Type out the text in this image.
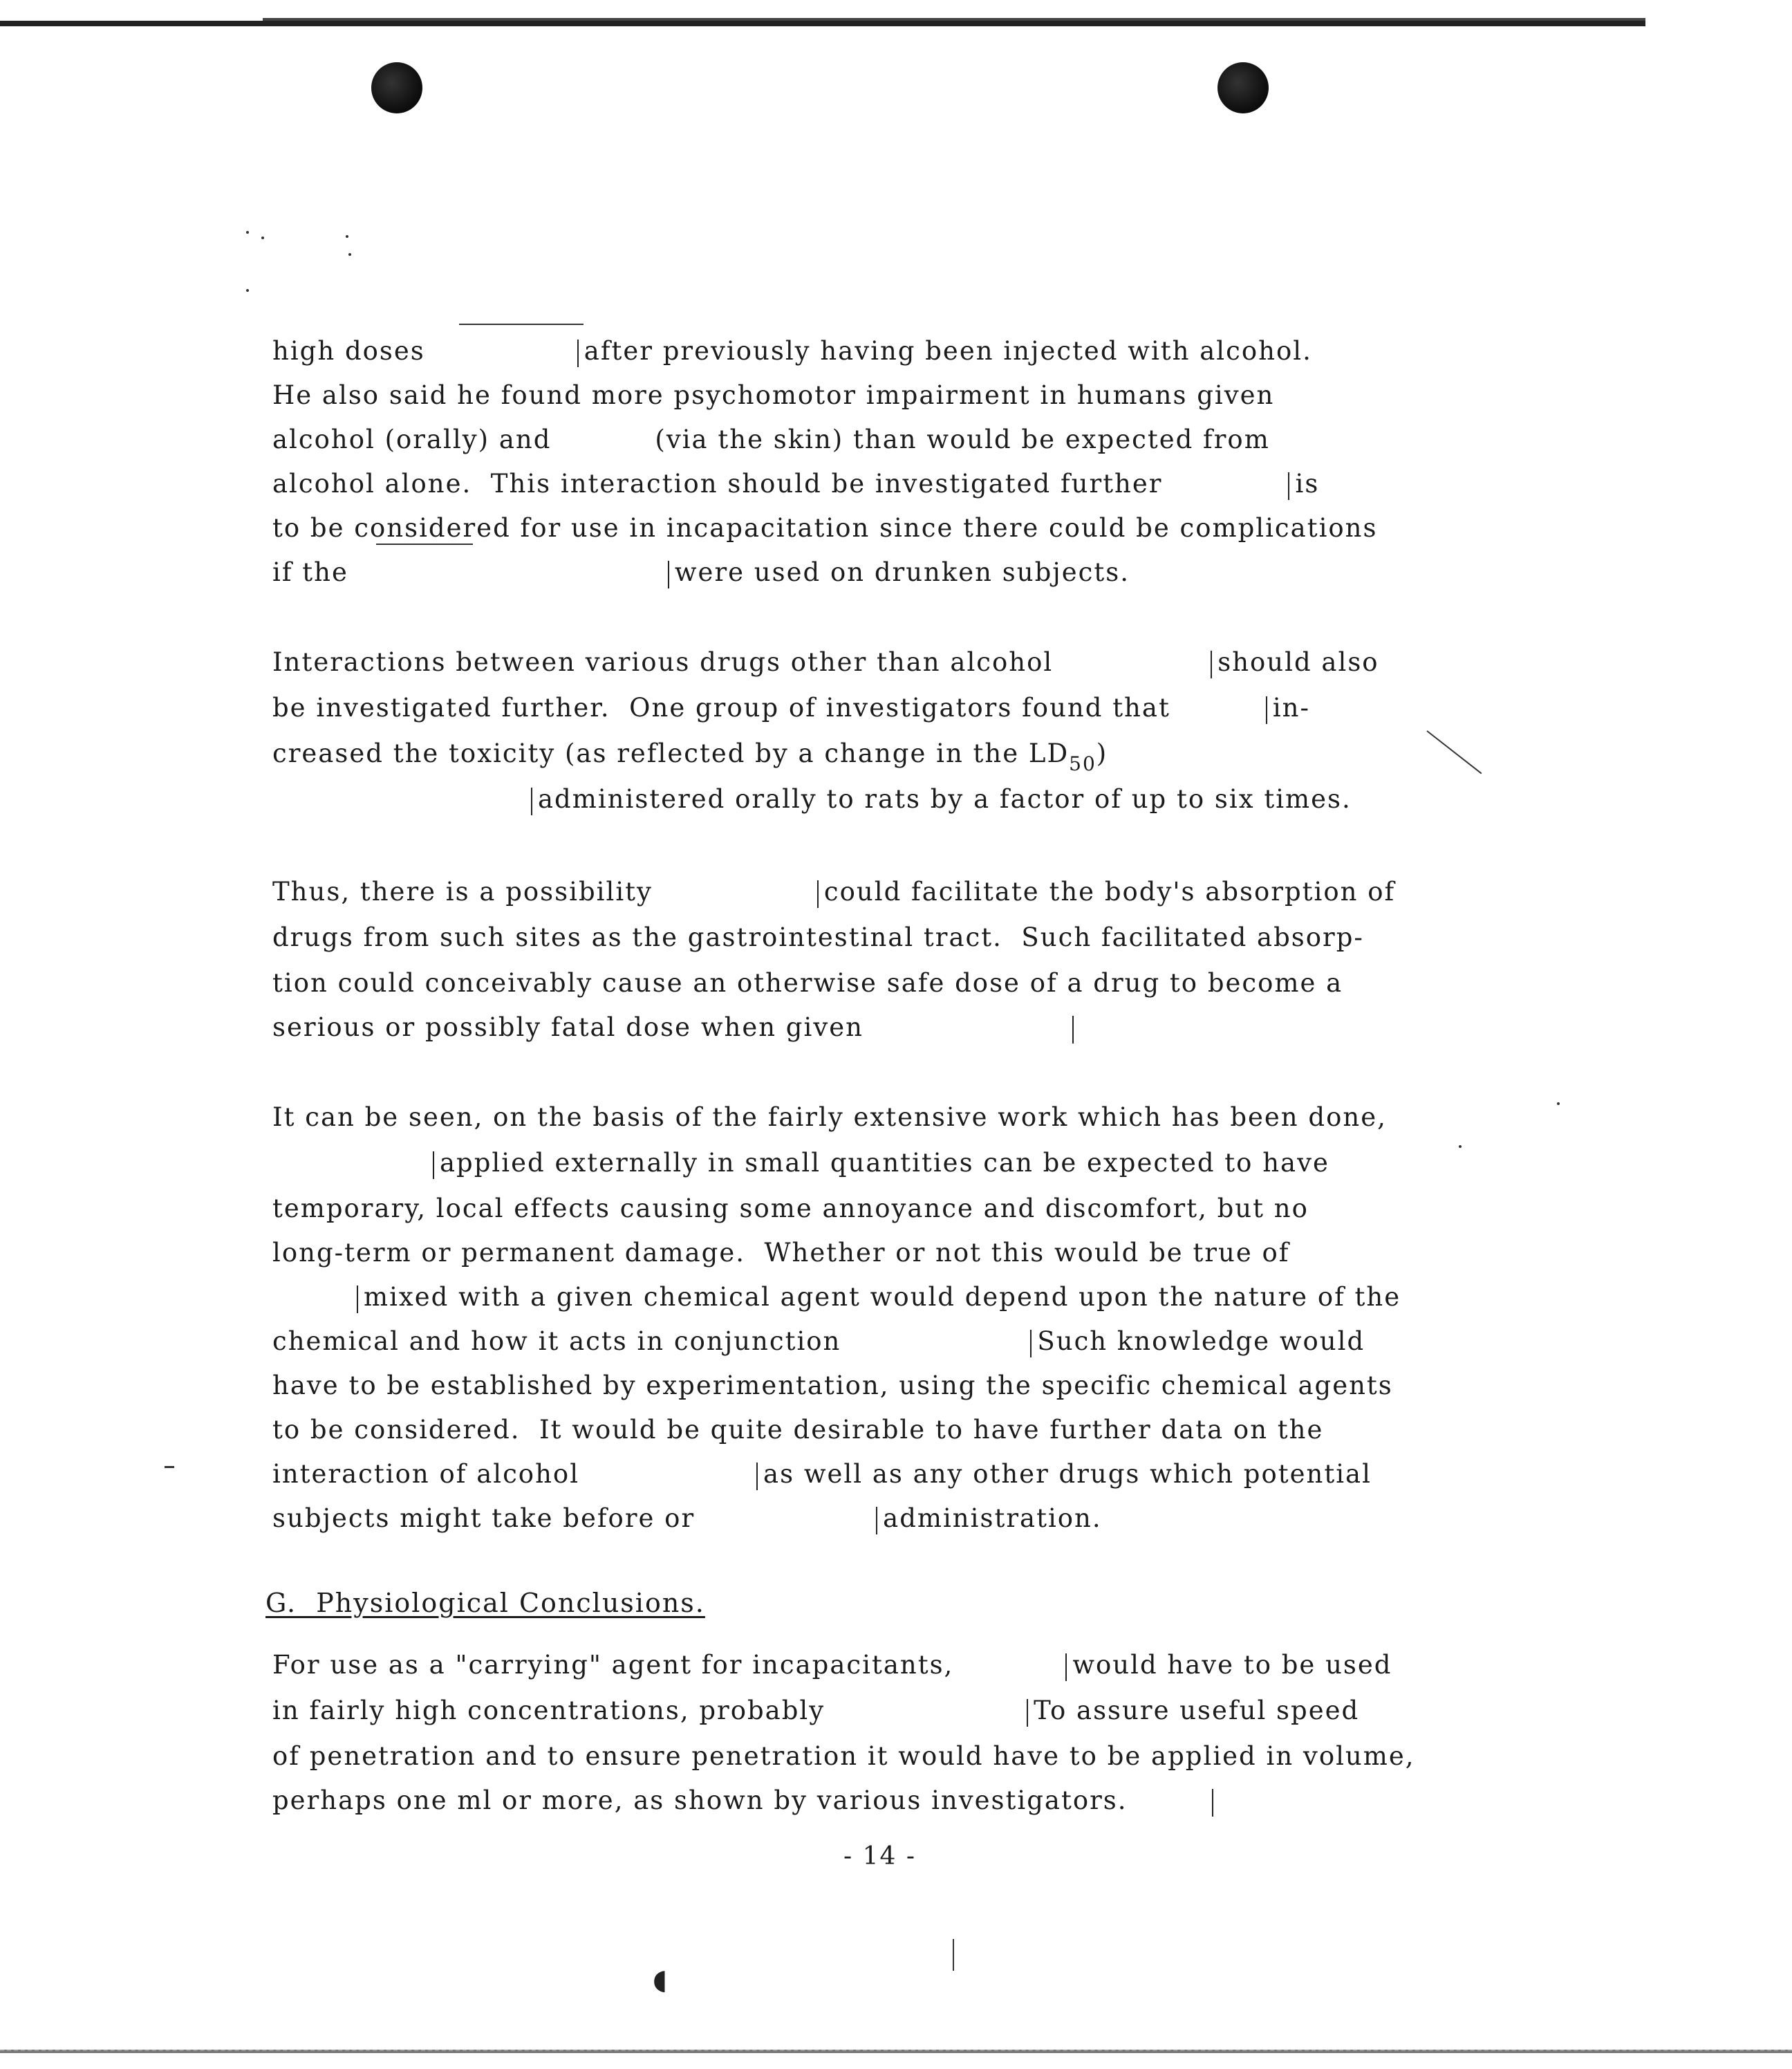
high doses	after previously having been injected with alcohol.
He also said he found more psychomotor impairment in humans given
alcohol (orally) and	(via the skin) than would be expected from
alcohol alone.  This interaction should be investigated further	is
to be considered for use in incapacitation since there could be complications
if the	were used on drunken subjects.
Interactions between various drugs other than alcohol	should also
be investigated further.  One group of investigators found that	in-
creased the toxicity (as reflected by a change in the $LD_{50}$)
administered orally to rats by a factor of up to six times.
Thus, there is a possibility	could facilitate the body's absorption of
drugs from such sites as the gastrointestinal tract.  Such facilitated absorp-
tion could conceivably cause an otherwise safe dose of a drug to become a
serious or possibly fatal dose when given
It can be seen, on the basis of the fairly extensive work which has been done,
applied externally in small quantities can be expected to have
temporary, local effects causing some annoyance and discomfort, but no
long-term or permanent damage.  Whether or not this would be true of
mixed with a given chemical agent would depend upon the nature of the
chemical and how it acts in conjunction	Such knowledge would
have to be established by experimentation, using the specific chemical agents
to be considered.  It would be quite desirable to have further data on the
interaction of alcohol	as well as any other drugs which potential
subjects might take before or	administration.
G.  Physiological Conclusions.
For use as a "carrying" agent for incapacitants,	would have to be used
in fairly high concentrations, probably	To assure useful speed
of penetration and to ensure penetration it would have to be applied in volume,
perhaps one ml or more, as shown by various investigators.
- 14 -
◖
